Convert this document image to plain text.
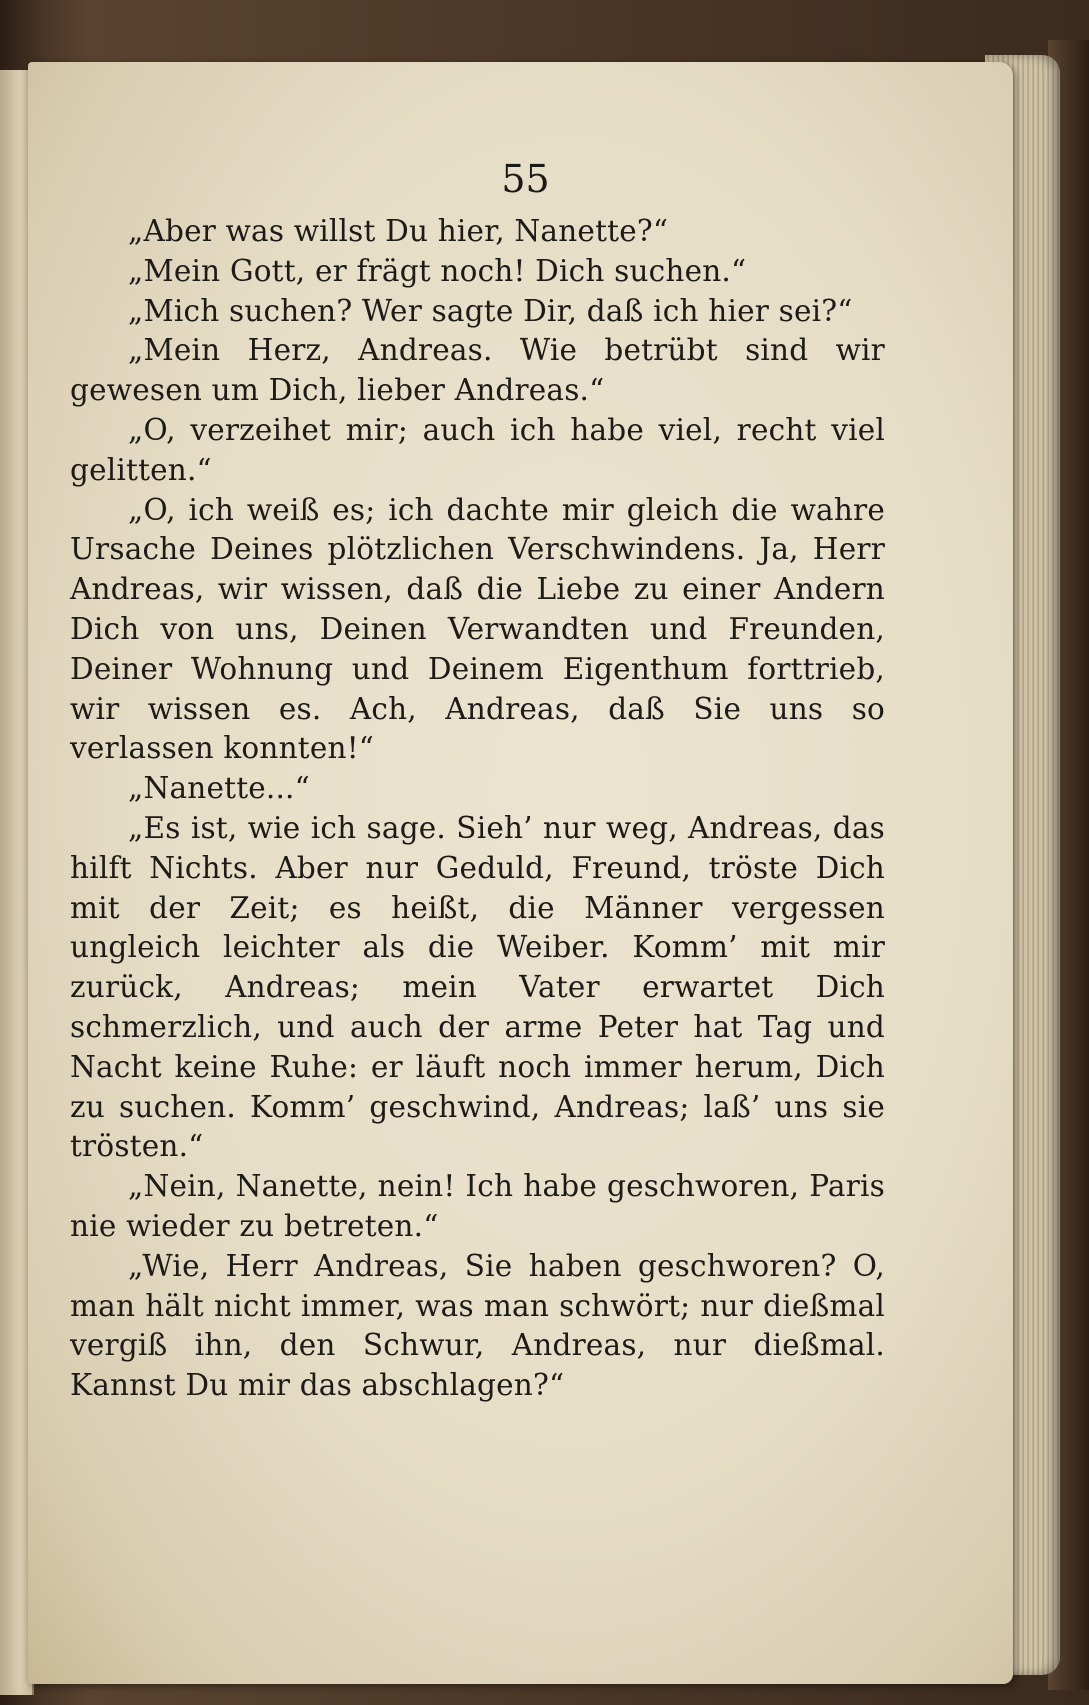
55

„Aber was willst Du hier, Nanette?“

„Mein Gott, er frägt noch! Dich suchen.“

„Mich suchen? Wer sagte Dir, daß ich hier sei?“

„Mein Herz, Andreas. Wie betrübt sind wir gewesen um Dich, lieber Andreas.“

„O, verzeihet mir; auch ich habe viel, recht viel gelitten.“

„O, ich weiß es; ich dachte mir gleich die wahre Ursache Deines plötzlichen Verschwindens. Ja, Herr Andreas, wir wissen, daß die Liebe zu einer Andern Dich von uns, Deinen Verwandten und Freunden, Deiner Wohnung und Deinem Eigenthum forttrieb, wir wissen es. Ach, Andreas, daß Sie uns so verlassen konnten!“

„Nanette...“

„Es ist, wie ich sage. Sieh’ nur weg, Andreas, das hilft Nichts. Aber nur Geduld, Freund, tröste Dich mit der Zeit; es heißt, die Männer vergessen ungleich leichter als die Weiber. Komm’ mit mir zurück, Andreas; mein Vater erwartet Dich schmerzlich, und auch der arme Peter hat Tag und Nacht keine Ruhe: er läuft noch immer herum, Dich zu suchen. Komm’ geschwind, Andreas; laß’ uns sie trösten.“

„Nein, Nanette, nein! Ich habe geschworen, Paris nie wieder zu betreten.“

„Wie, Herr Andreas, Sie haben geschworen? O, man hält nicht immer, was man schwört; nur dießmal vergiß ihn, den Schwur, Andreas, nur dießmal. Kannst Du mir das abschlagen?“
